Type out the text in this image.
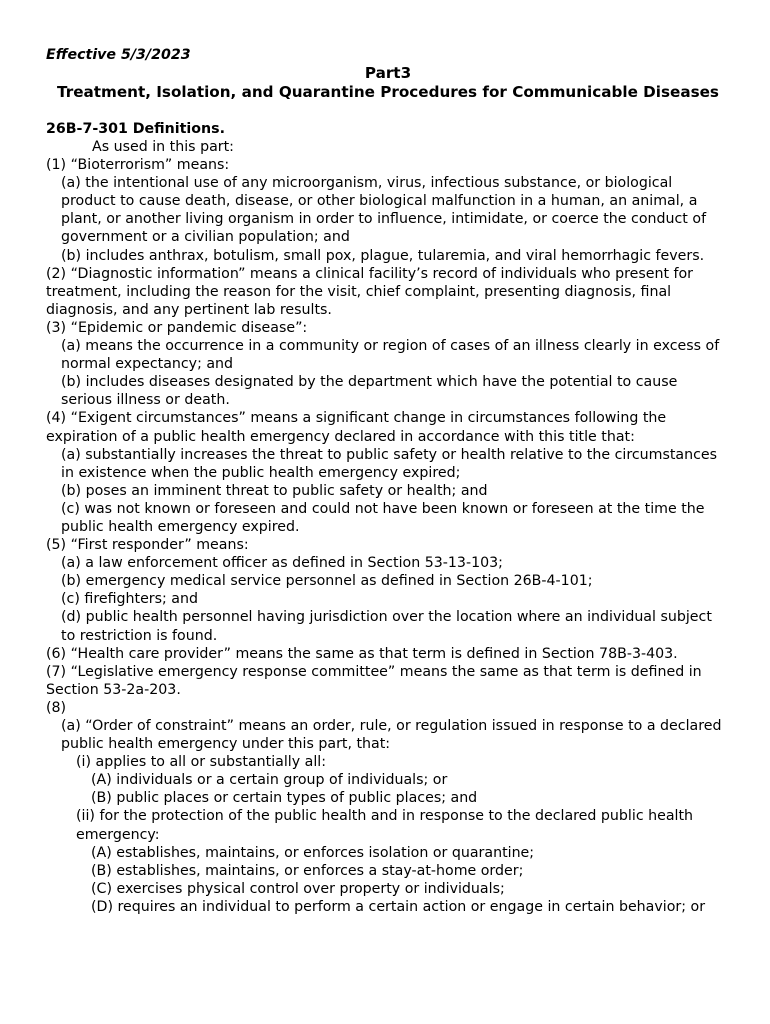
Effective 5/3/2023
Part3
Treatment, Isolation, and Quarantine Procedures for Communicable Diseases
26B-7-301 Definitions.
As used in this part:
(1) “Bioterrorism” means:
(a) the intentional use of any microorganism, virus, infectious substance, or biological product to cause death, disease, or other biological malfunction in a human, an animal, a plant, or another living organism in order to influence, intimidate, or coerce the conduct of government or a civilian population; and
(b) includes anthrax, botulism, small pox, plague, tularemia, and viral hemorrhagic fevers.
(2) “Diagnostic information” means a clinical facility’s record of individuals who present for treatment, including the reason for the visit, chief complaint, presenting diagnosis, final diagnosis, and any pertinent lab results.
(3) “Epidemic or pandemic disease”:
(a) means the occurrence in a community or region of cases of an illness clearly in excess of normal expectancy; and
(b) includes diseases designated by the department which have the potential to cause serious illness or death.
(4) “Exigent circumstances” means a significant change in circumstances following the expiration of a public health emergency declared in accordance with this title that:
(a) substantially increases the threat to public safety or health relative to the circumstances in existence when the public health emergency expired;
(b) poses an imminent threat to public safety or health; and
(c) was not known or foreseen and could not have been known or foreseen at the time the public health emergency expired.
(5) “First responder” means:
(a) a law enforcement officer as defined in Section 53-13-103;
(b) emergency medical service personnel as defined in Section 26B-4-101;
(c) firefighters; and
(d) public health personnel having jurisdiction over the location where an individual subject to restriction is found.
(6) “Health care provider” means the same as that term is defined in Section 78B-3-403.
(7) “Legislative emergency response committee” means the same as that term is defined in Section 53-2a-203.
(8)
(a) “Order of constraint” means an order, rule, or regulation issued in response to a declared public health emergency under this part, that:
(i) applies to all or substantially all:
(A) individuals or a certain group of individuals; or
(B) public places or certain types of public places; and
(ii) for the protection of the public health and in response to the declared public health emergency:
(A) establishes, maintains, or enforces isolation or quarantine;
(B) establishes, maintains, or enforces a stay-at-home order;
(C) exercises physical control over property or individuals;
(D) requires an individual to perform a certain action or engage in certain behavior; or
